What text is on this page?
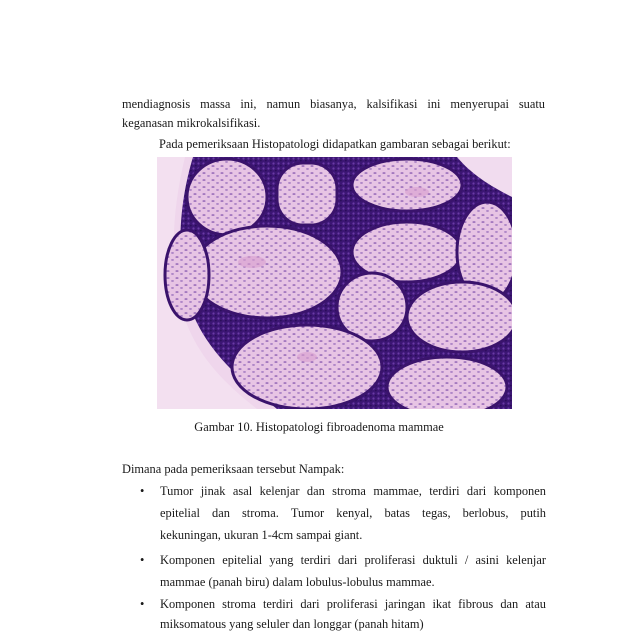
mendiagnosis massa ini, namun biasanya, kalsifikasi ini menyerupai suatu
keganasan mikrokalsifikasi.
Pada pemeriksaan Histopatologi didapatkan gambaran sebagai berikut:
Gambar 10. Histopatologi fibroadenoma mammae
Dimana pada pemeriksaan tersebut Nampak:
• Tumor jinak asal kelenjar dan stroma mammae, terdiri dari komponen
epitelial dan stroma. Tumor kenyal, batas tegas, berlobus, putih
kekuningan, ukuran 1-4cm sampai giant.
• Komponen epitelial yang terdiri dari proliferasi duktuli / asini kelenjar
mammae (panah biru) dalam lobulus-lobulus mammae.
• Komponen stroma terdiri dari proliferasi jaringan ikat fibrous dan atau
miksomatous yang seluler dan longgar (panah hitam)
